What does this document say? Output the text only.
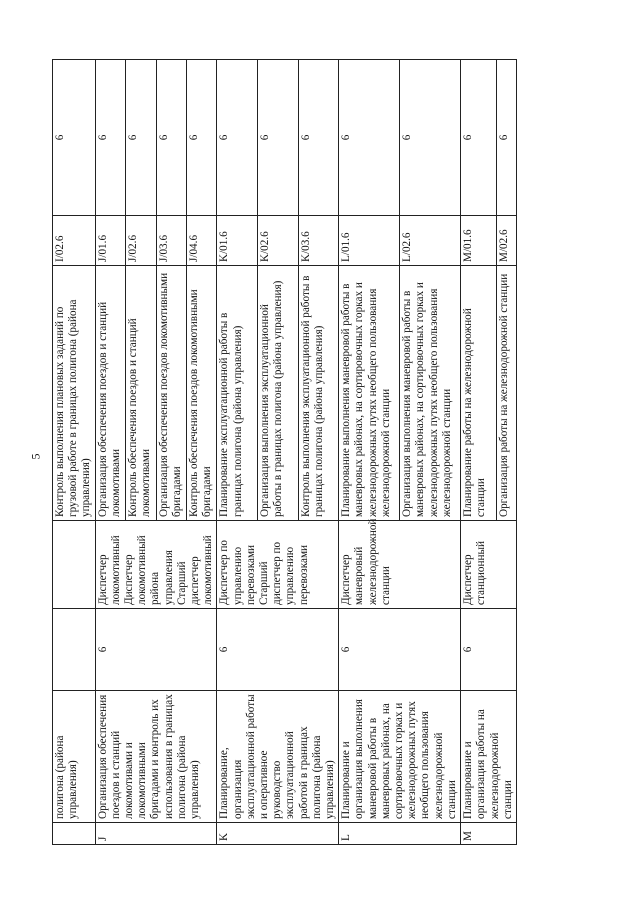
5
	полигона (района управления)			Контроль выполнения плановых заданий по грузовой работе в границах полигона (района управления)	I/02.6	6
J	Организация обеспечения поездов и станций локомотивами и локомотивными бригадами и контроль их использования в границах полигона (района управления)	6	Диспетчер локомотивный
Диспетчер локомотивный района управления
Старший диспетчер локомотивный	Организация обеспечения поездов и станций локомотивами	J/01.6	6
				Контроль обеспечения поездов и станций локомотивами	J/02.6	6
				Организация обеспечения поездов локомотивными бригадами	J/03.6	6
				Контроль обеспечения поездов локомотивными бригадами	J/04.6	6
K	Планирование, организация эксплуатационной работы и оперативное руководство эксплуатационной работой в границах полигона (района управления)	6	Диспетчер по управлению перевозками
Старший диспетчер по управлению перевозками	Планирование эксплуатационной работы в границах полигона (района управления)	K/01.6	6
				Организация выполнения эксплуатационной работы в границах полигона (района управления)	K/02.6	6
				Контроль выполнения эксплуатационной работы в границах полигона (района управления)	K/03.6	6
L	Планирование и организация выполнения маневровой работы в маневровых районах, на сортировочных горках и железнодорожных путях необщего пользования железнодорожной станции	6	Диспетчер маневровый железнодорожной станции	Планирование выполнения маневровой работы в маневровых районах, на сортировочных горках и железнодорожных путях необщего пользования железнодорожной станции	L/01.6	6
				Организация выполнения маневровой работы в маневровых районах, на сортировочных горках и железнодорожных путях необщего пользования железнодорожной станции	L/02.6	6
M	Планирование и организация работы на железнодорожной станции	6	Диспетчер станционный	Планирование работы на железнодорожной станции	M/01.6	6
				Организация работы на железнодорожной станции	M/02.6	6
